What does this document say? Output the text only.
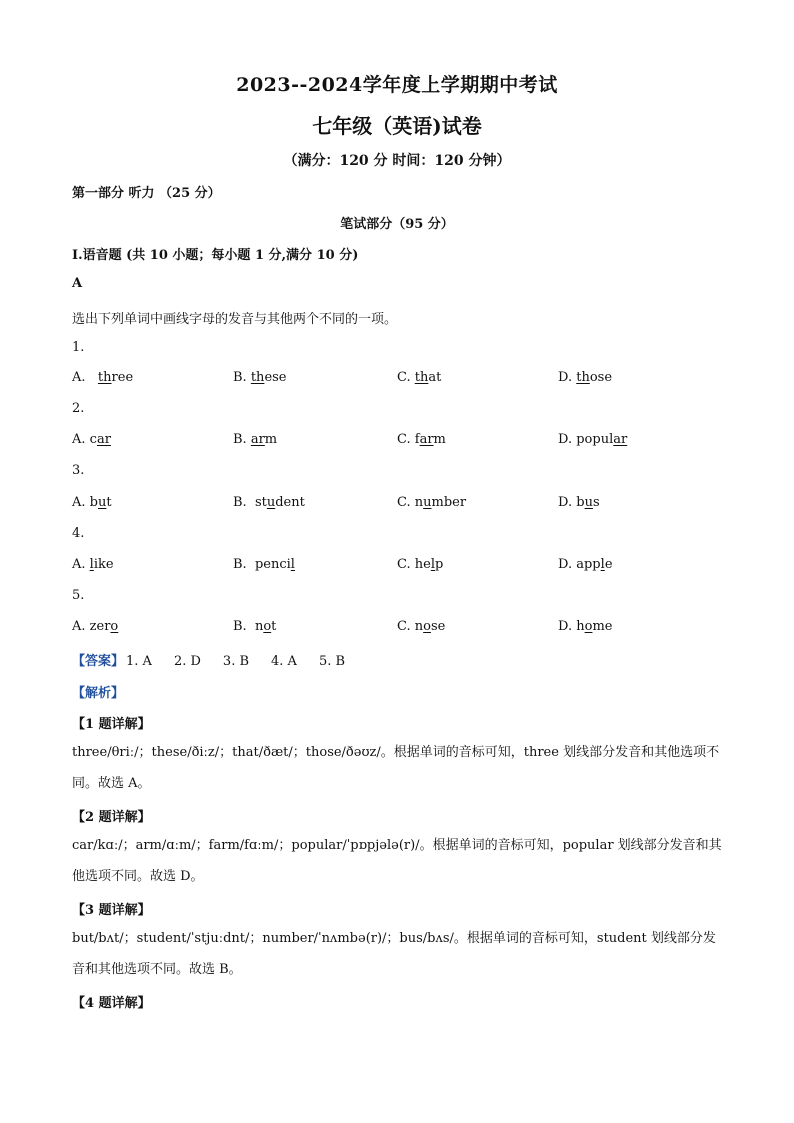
2023--2024学年度上学期期中考试
七年级（英语)试卷
（满分：120 分 时间：120 分钟）
第一部分 听力 （25 分）
笔试部分（95 分）
Ⅰ.语音题 (共 10 小题；每小题 1 分,满分 10 分)
A
选出下列单词中画线字母的发音与其他两个不同的一项。
1.
A.   three	B. these	C. that	D. those
2.
A. car	B. arm	C. farm	D. popular
3.
A. but	B.  student	C. number	D. bus
4.
A. like	B.  pencil	C. help	D. apple
5.
A. zero	B.  not	C. nose	D. home
【答案】 1. A 2. D 3. B 4. A 5. B
【解析】
【1 题详解】
three/θriː/；these/ðiːz/；that/ðæt/；those/ðəʊz/。根据单词的音标可知，three 划线部分发音和其他选项不同。故选 A。
【2 题详解】
car/kɑː/；arm/ɑːm/；farm/fɑːm/；popular/ˈpɒpjələ(r)/。根据单词的音标可知，popular 划线部分发音和其他选项不同。故选 D。
【3 题详解】
but/bʌt/；student/ˈstjuːdnt/；number/ˈnʌmbə(r)/；bus/bʌs/。根据单词的音标可知，student 划线部分发音和其他选项不同。故选 B。
【4 题详解】
